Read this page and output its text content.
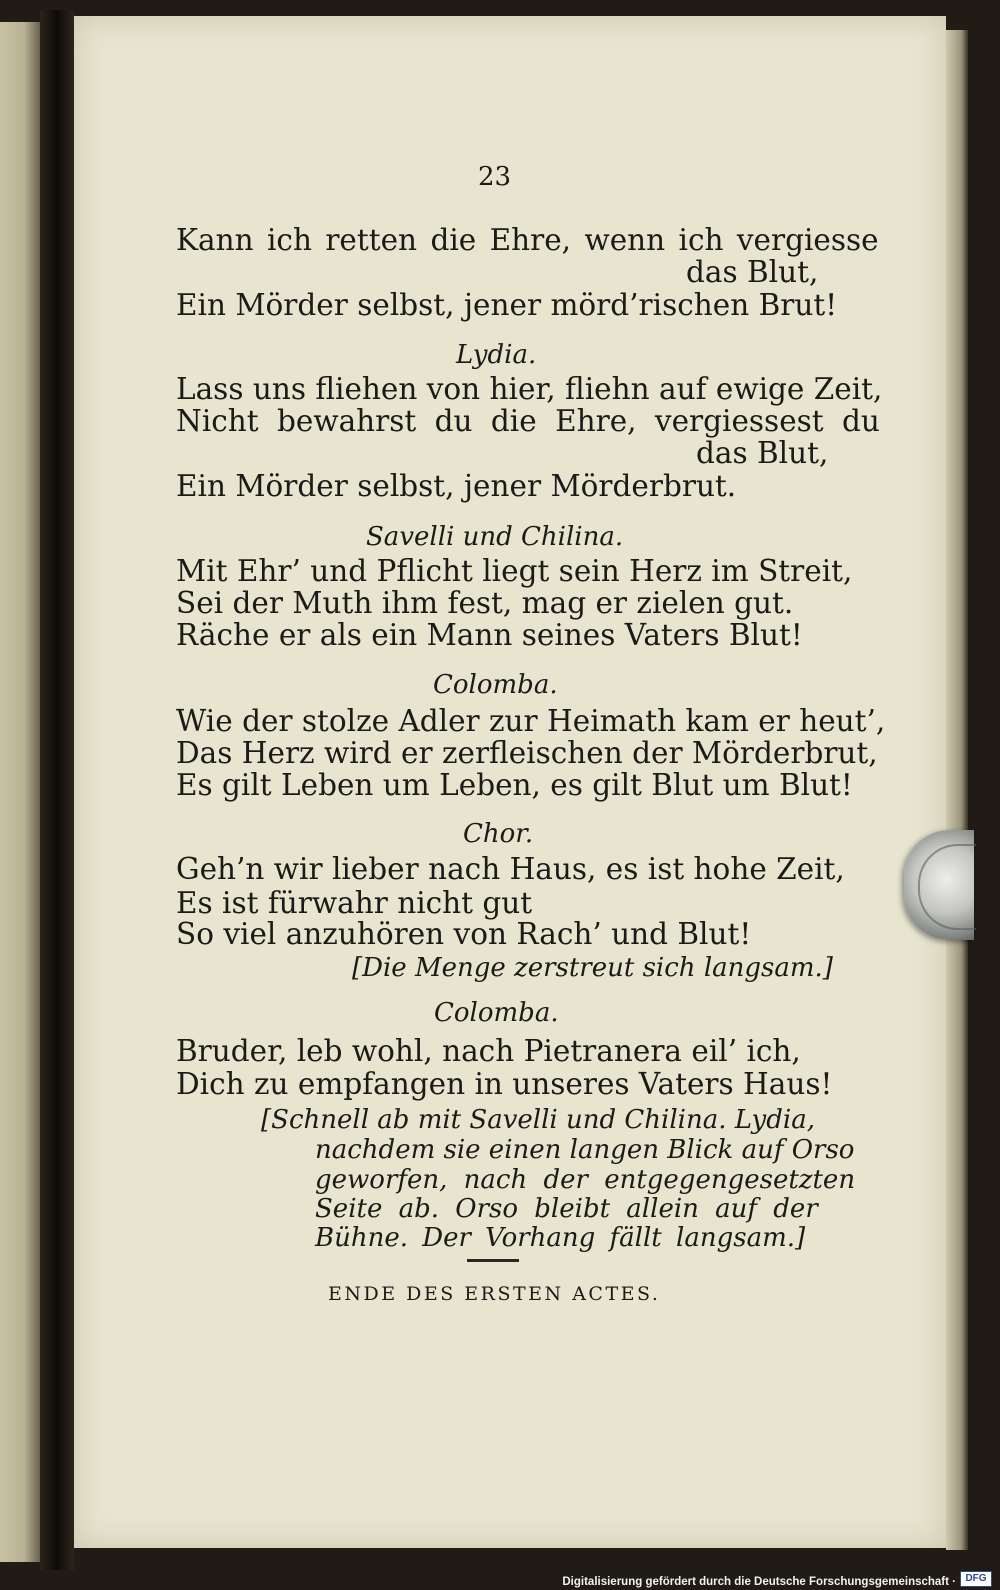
23
Kann ich retten die Ehre, wenn ich vergiesse
das Blut,
Ein Mörder selbst, jener mörd’rischen Brut!
Lydia.
Lass uns fliehen von hier, fliehn auf ewige Zeit,
Nicht bewahrst du die Ehre, vergiessest du
das Blut,
Ein Mörder selbst, jener Mörderbrut.
Savelli und Chilina.
Mit Ehr’ und Pflicht liegt sein Herz im Streit,
Sei der Muth ihm fest, mag er zielen gut.
Räche er als ein Mann seines Vaters Blut!
Colomba.
Wie der stolze Adler zur Heimath kam er heut’,
Das Herz wird er zerfleischen der Mörderbrut,
Es gilt Leben um Leben, es gilt Blut um Blut!
Chor.
Geh’n wir lieber nach Haus, es ist hohe Zeit,
Es ist fürwahr nicht gut
So viel anzuhören von Rach’ und Blut!
[Die Menge zerstreut sich langsam.]
Colomba.
Bruder, leb wohl, nach Pietranera eil’ ich,
Dich zu empfangen in unseres Vaters Haus!
[Schnell ab mit Savelli und Chilina. Lydia,
nachdem sie einen langen Blick auf Orso
geworfen, nach der entgegengesetzten
Seite ab. Orso bleibt allein auf der
Bühne. Der Vorhang fällt langsam.]
ENDE DES ERSTEN ACTES.
Digitalisierung gefördert durch die Deutsche Forschungsgemeinschaft · DFG
